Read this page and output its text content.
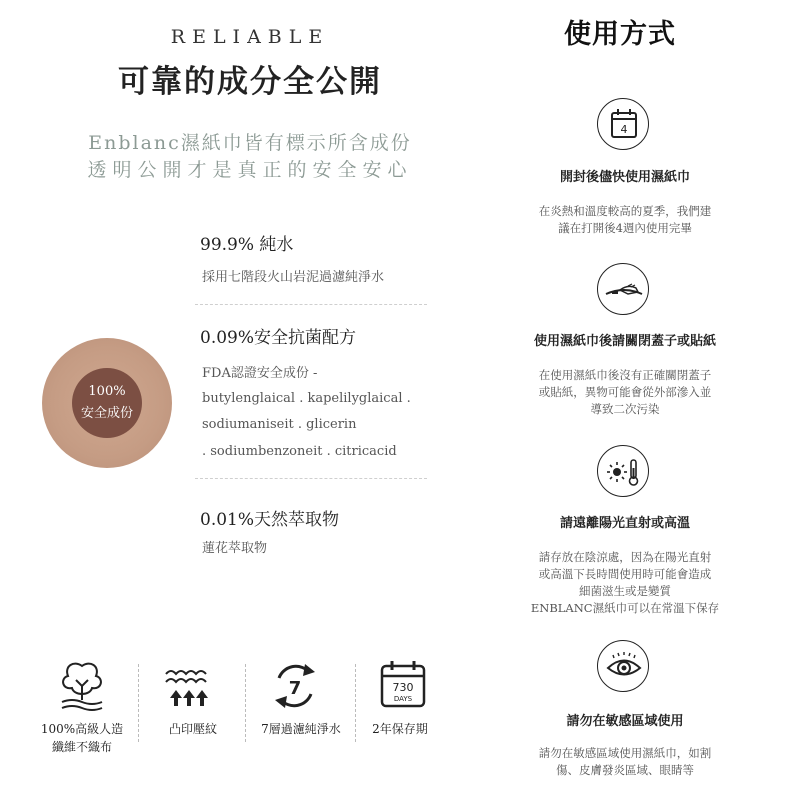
RELIABLE
可靠的成分全公開
Enblanc濕紙巾皆有標示所含成份
透明公開才是真正的安全安心
99.9% 純水
採用七階段火山岩泥過濾純淨水
0.09%安全抗菌配方
FDA認證安全成份 -
butylenglaical . kapelilyglaical .
sodiumaniseit . glicerin
. sodiumbenzoneit . citricacid
0.01%天然萃取物
蓮花萃取物
100%
安全成份
7	730
DAYS
100%高級人造
纖維不織布
凸印壓紋	7層過濾純淨水	2年保存期
使用方式
4
開封後儘快使用濕紙巾
在炎熱和溫度較高的夏季，我們建
議在打開後4週內使用完畢
使用濕紙巾後請關閉蓋子或貼紙
在使用濕紙巾後沒有正確關閉蓋子
或貼紙，異物可能會從外部滲入並
導致二次污染
請遠離陽光直射或高溫
請存放在陰涼處，因為在陽光直射
或高溫下長時間使用時可能會造成
細菌滋生或是變質
ENBLANC濕紙巾可以在常溫下保存
請勿在敏感區域使用
請勿在敏感區域使用濕紙巾，如割
傷、皮膚發炎區域、眼睛等
